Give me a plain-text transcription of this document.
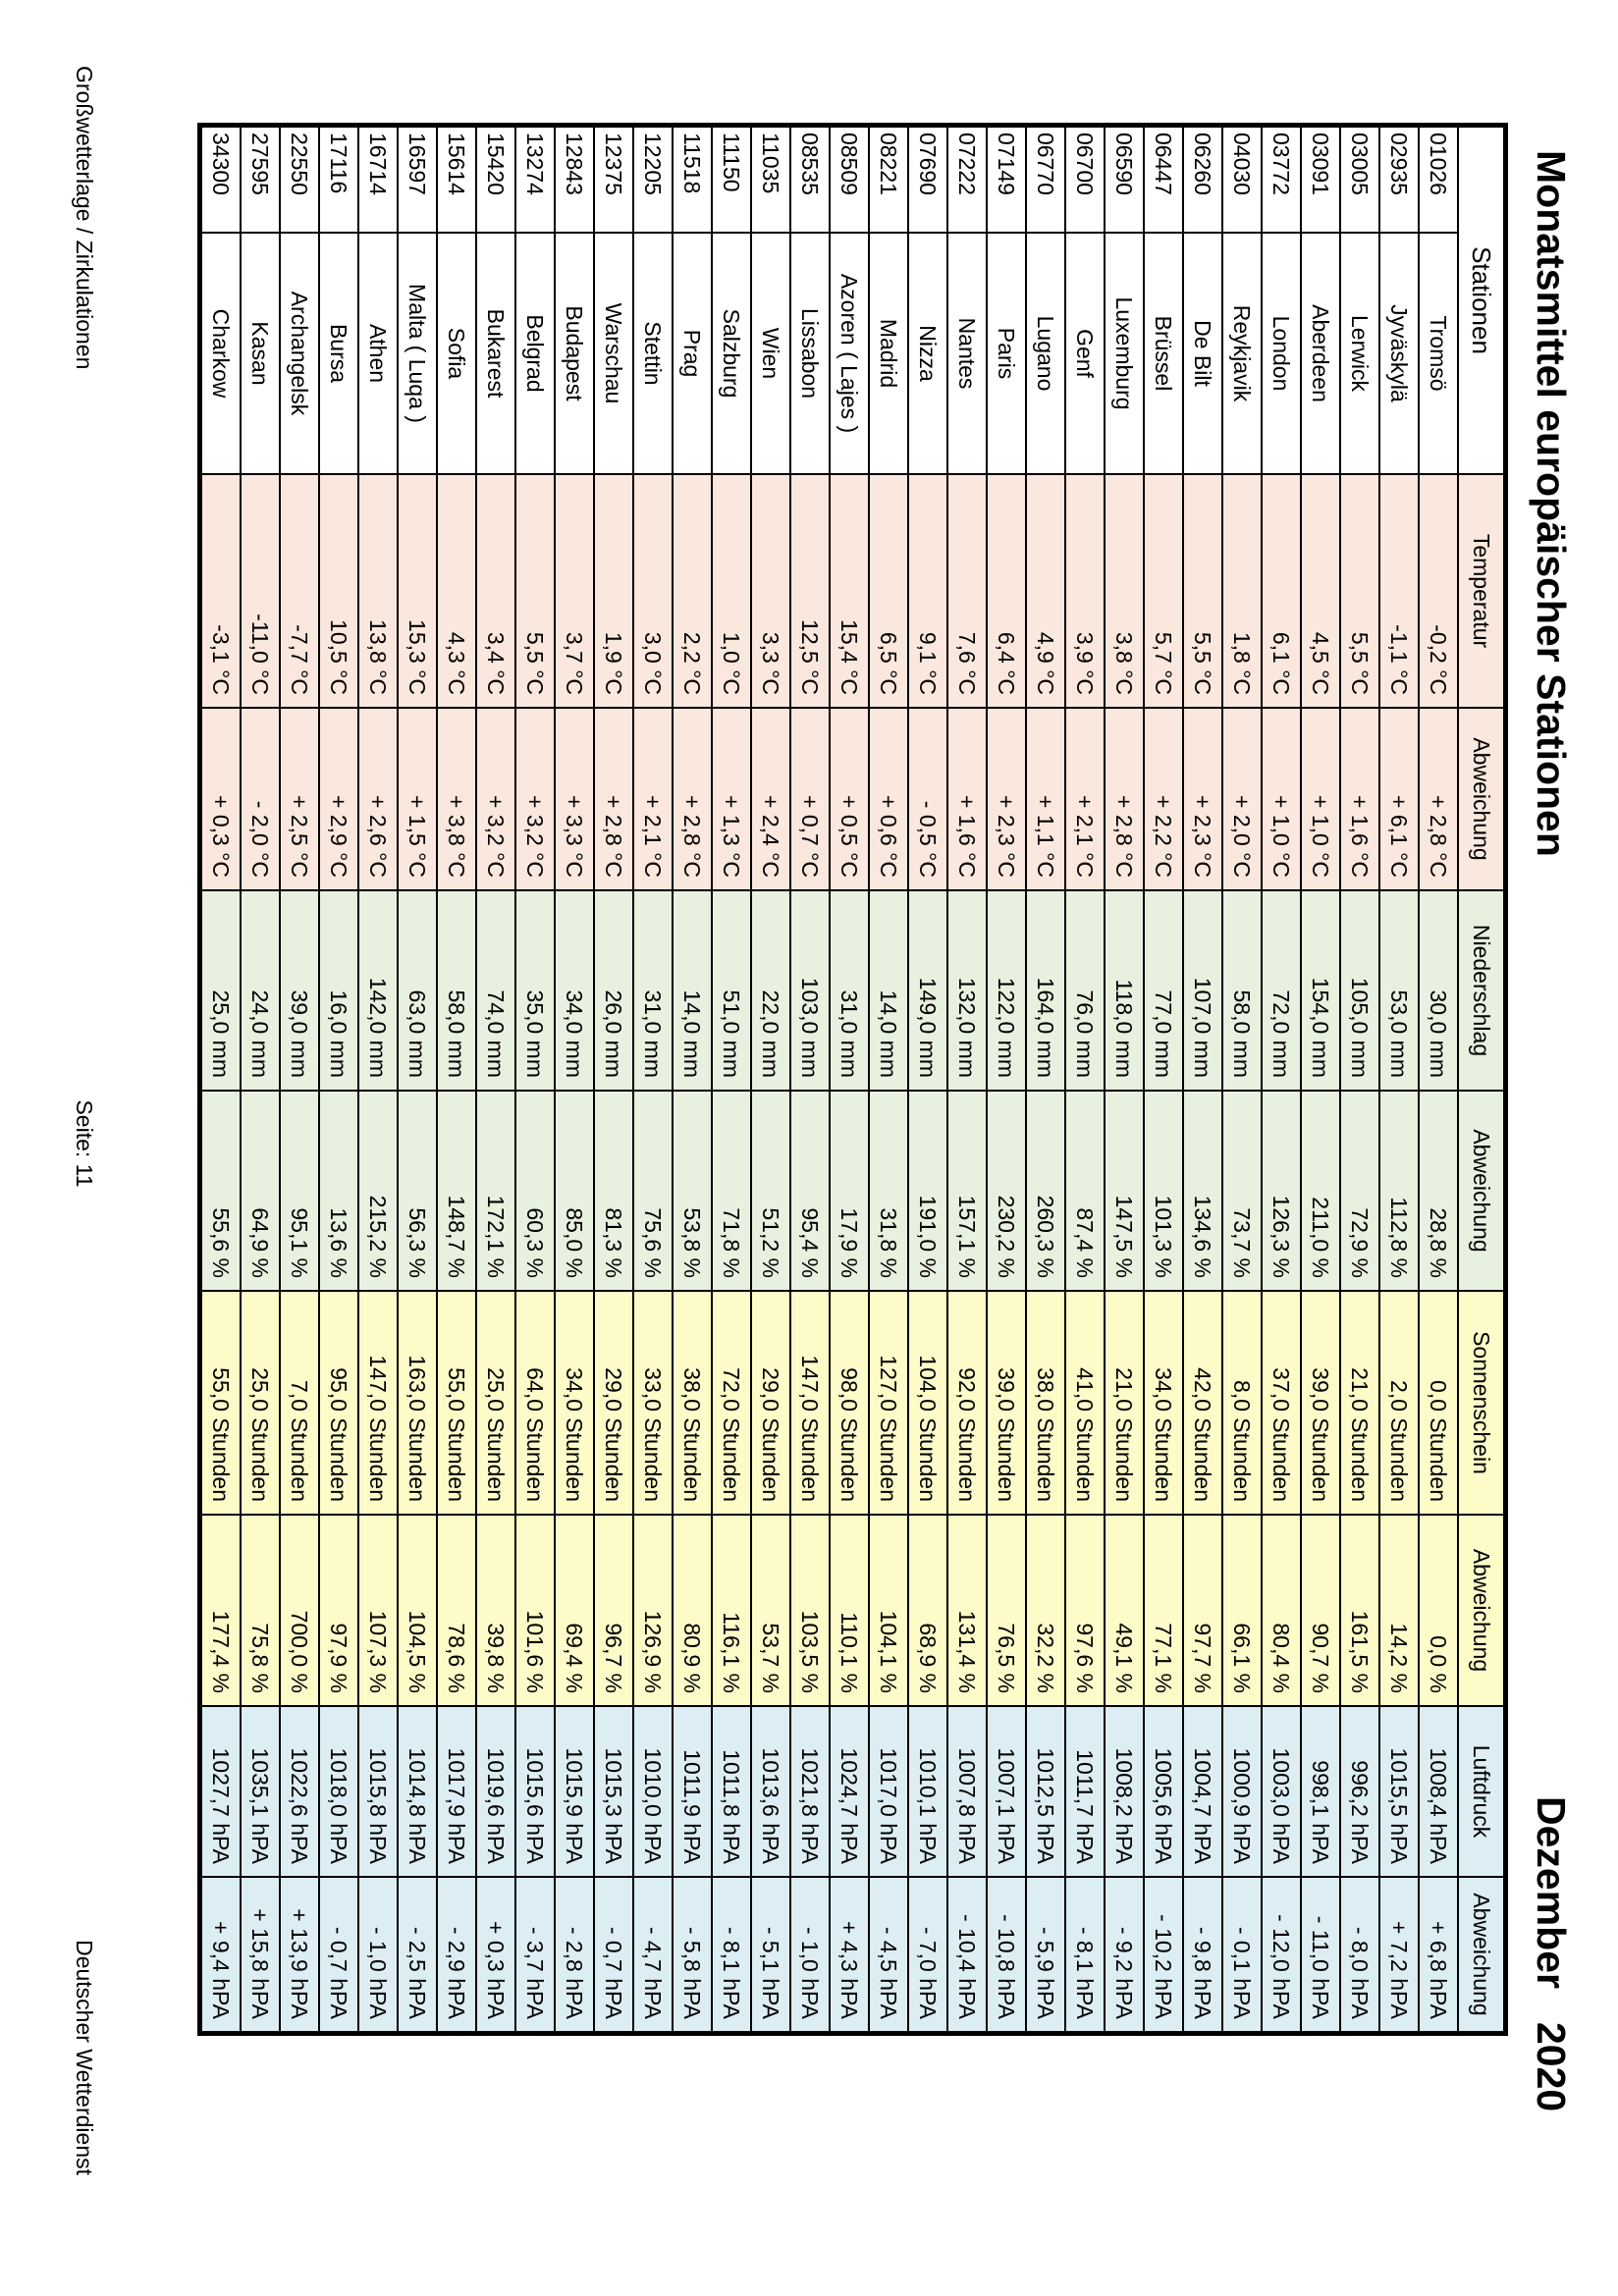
Monatsmittel europäischer Stationen
Dezember2020
Stationen		Temperatur	Abweichung	Niederschlag	Abweichung	Sonnenschein	Abweichung	Luftdruck	Abweichung
01026	Tromsö	-0,2 °C	+ 2,8 °C	30,0 mm	28,8 %	0,0 Stunden	0,0 %	1008,4 hPA	+ 6,8 hPA
02935	Jyväskylä	-1,1 °C	+ 6,1 °C	53,0 mm	112,8 %	2,0 Stunden	14,2 %	1015,5 hPA	+ 7,2 hPA
03005	Lerwick	5,5 °C	+ 1,6 °C	105,0 mm	72,9 %	21,0 Stunden	161,5 %	996,2 hPA	- 8,0 hPA
03091	Aberdeen	4,5 °C	+ 1,0 °C	154,0 mm	211,0 %	39,0 Stunden	90,7 %	998,1 hPA	- 11,0 hPA
03772	London	6,1 °C	+ 1,0 °C	72,0 mm	126,3 %	37,0 Stunden	80,4 %	1003,0 hPA	- 12,0 hPA
04030	Reykjavik	1,8 °C	+ 2,0 °C	58,0 mm	73,7 %	8,0 Stunden	66,1 %	1000,9 hPA	- 0,1 hPA
06260	De Bilt	5,5 °C	+ 2,3 °C	107,0 mm	134,6 %	42,0 Stunden	97,7 %	1004,7 hPA	- 9,8 hPA
06447	Brüssel	5,7 °C	+ 2,2 °C	77,0 mm	101,3 %	34,0 Stunden	77,1 %	1005,6 hPA	- 10,2 hPA
06590	Luxemburg	3,8 °C	+ 2,8 °C	118,0 mm	147,5 %	21,0 Stunden	49,1 %	1008,2 hPA	- 9,2 hPA
06700	Genf	3,9 °C	+ 2,1 °C	76,0 mm	87,4 %	41,0 Stunden	97,6 %	1011,7 hPA	- 8,1 hPA
06770	Lugano	4,9 °C	+ 1,1 °C	164,0 mm	260,3 %	38,0 Stunden	32,2 %	1012,5 hPA	- 5,9 hPA
07149	Paris	6,4 °C	+ 2,3 °C	122,0 mm	230,2 %	39,0 Stunden	76,5 %	1007,1 hPA	- 10,8 hPA
07222	Nantes	7,6 °C	+ 1,6 °C	132,0 mm	157,1 %	92,0 Stunden	131,4 %	1007,8 hPA	- 10,4 hPA
07690	Nizza	9,1 °C	- 0,5 °C	149,0 mm	191,0 %	104,0 Stunden	68,9 %	1010,1 hPA	- 7,0 hPA
08221	Madrid	6,5 °C	+ 0,6 °C	14,0 mm	31,8 %	127,0 Stunden	104,1 %	1017,0 hPA	- 4,5 hPA
08509	Azoren ( Lajes )	15,4 °C	+ 0,5 °C	31,0 mm	17,9 %	98,0 Stunden	110,1 %	1024,7 hPA	+ 4,3 hPA
08535	Lissabon	12,5 °C	+ 0,7 °C	103,0 mm	95,4 %	147,0 Stunden	103,5 %	1021,8 hPA	- 1,0 hPA
11035	Wien	3,3 °C	+ 2,4 °C	22,0 mm	51,2 %	29,0 Stunden	53,7 %	1013,6 hPA	- 5,1 hPA
11150	Salzburg	1,0 °C	+ 1,3 °C	51,0 mm	71,8 %	72,0 Stunden	116,1 %	1011,8 hPA	- 8,1 hPA
11518	Prag	2,2 °C	+ 2,8 °C	14,0 mm	53,8 %	38,0 Stunden	80,9 %	1011,9 hPA	- 5,8 hPA
12205	Stettin	3,0 °C	+ 2,1 °C	31,0 mm	75,6 %	33,0 Stunden	126,9 %	1010,0 hPA	- 4,7 hPA
12375	Warschau	1,9 °C	+ 2,8 °C	26,0 mm	81,3 %	29,0 Stunden	96,7 %	1015,3 hPA	- 0,7 hPA
12843	Budapest	3,7 °C	+ 3,3 °C	34,0 mm	85,0 %	34,0 Stunden	69,4 %	1015,9 hPA	- 2,8 hPA
13274	Belgrad	5,5 °C	+ 3,2 °C	35,0 mm	60,3 %	64,0 Stunden	101,6 %	1015,6 hPA	- 3,7 hPA
15420	Bukarest	3,4 °C	+ 3,2 °C	74,0 mm	172,1 %	25,0 Stunden	39,8 %	1019,6 hPA	+ 0,3 hPA
15614	Sofia	4,3 °C	+ 3,8 °C	58,0 mm	148,7 %	55,0 Stunden	78,6 %	1017,9 hPA	- 2,9 hPA
16597	Malta ( Luqa )	15,3 °C	+ 1,5 °C	63,0 mm	56,3 %	163,0 Stunden	104,5 %	1014,8 hPA	- 2,5 hPA
16714	Athen	13,8 °C	+ 2,6 °C	142,0 mm	215,2 %	147,0 Stunden	107,3 %	1015,8 hPA	- 1,0 hPA
17116	Bursa	10,5 °C	+ 2,9 °C	16,0 mm	13,6 %	95,0 Stunden	97,9 %	1018,0 hPA	- 0,7 hPA
22550	Archangelsk	-7,7 °C	+ 2,5 °C	39,0 mm	95,1 %	7,0 Stunden	700,0 %	1022,6 hPA	+ 13,9 hPA
27595	Kasan	-11,0 °C	- 2,0 °C	24,0 mm	64,9 %	25,0 Stunden	75,8 %	1035,1 hPA	+ 15,8 hPA
34300	Charkow	-3,1 °C	+ 0,3 °C	25,0 mm	55,6 %	55,0 Stunden	177,4 %	1027,7 hPA	+ 9,4 hPA
Großwetterlage / Zirkulationen
Seite: 11
Deutscher Wetterdienst
